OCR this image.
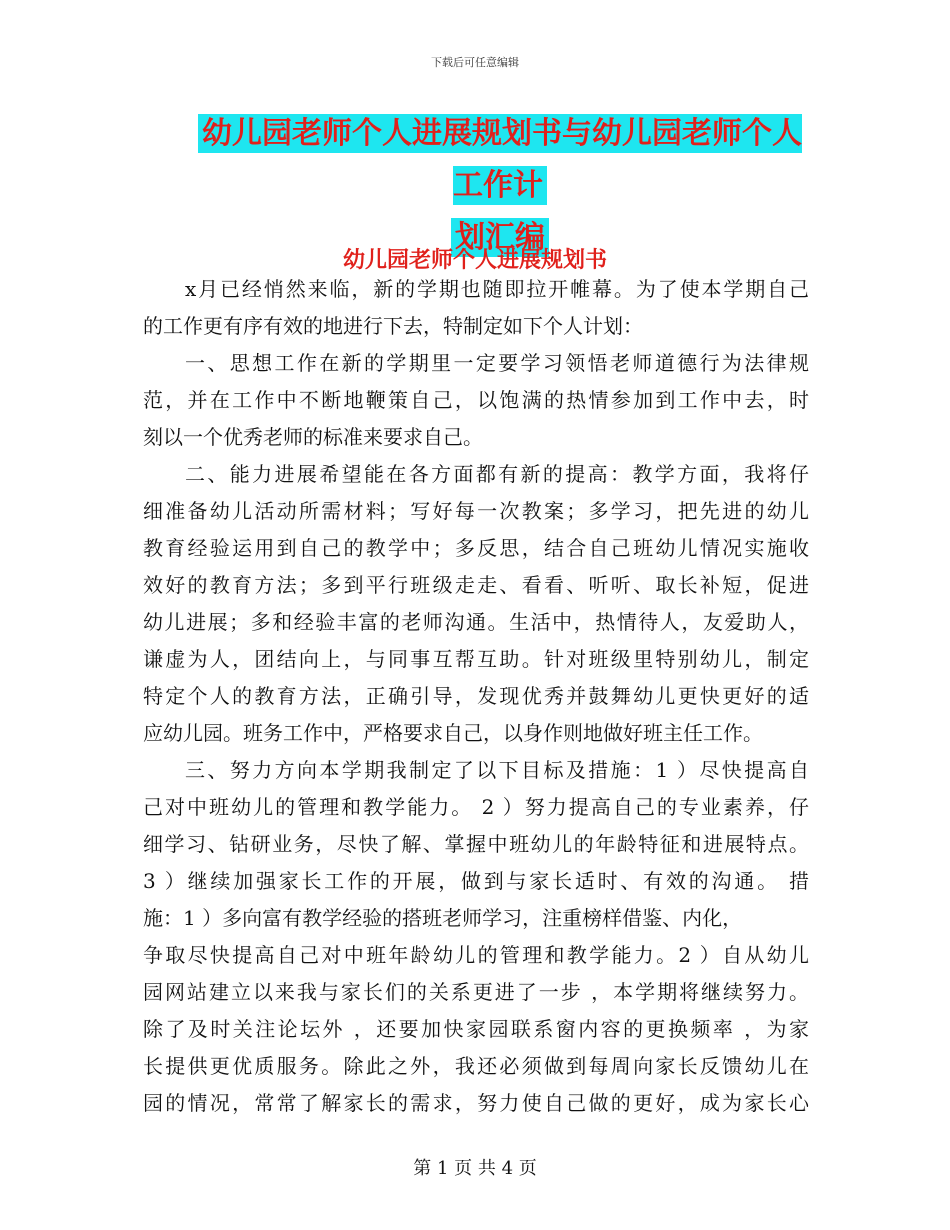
下载后可任意编辑
幼儿园老师个人进展规划书与幼儿园老师个人工作计
划汇编
幼儿园老师个人进展规划书
x月已经悄然来临，新的学期也随即拉开帷幕。为了使本学期自己
的工作更有序有效的地进行下去，特制定如下个人计划：
一、思想工作在新的学期里一定要学习领悟老师道德行为法律规
范，并在工作中不断地鞭策自己，以饱满的热情参加到工作中去，时
刻以一个优秀老师的标准来要求自己。
二、能力进展希望能在各方面都有新的提高：教学方面，我将仔
细准备幼儿活动所需材料；写好每一次教案；多学习，把先进的幼儿
教育经验运用到自己的教学中；多反思，结合自己班幼儿情况实施收
效好的教育方法；多到平行班级走走、看看、听听、取长补短，促进
幼儿进展；多和经验丰富的老师沟通。生活中，热情待人，友爱助人，
谦虚为人，团结向上，与同事互帮互助。针对班级里特别幼儿，制定
特定个人的教育方法，正确引导，发现优秀并鼓舞幼儿更快更好的适
应幼儿园。班务工作中，严格要求自己，以身作则地做好班主任工作。
三、努力方向本学期我制定了以下目标及措施：1 ）尽快提高自
己对中班幼儿的管理和教学能力。 2 ）努力提高自己的专业素养，仔
细学习、钻研业务，尽快了解、掌握中班幼儿的年龄特征和进展特点。
3 ）继续加强家长工作的开展，做到与家长适时、有效的沟通。 措
施：1 ）多向富有教学经验的搭班老师学习，注重榜样借鉴、内化，
争取尽快提高自己对中班年龄幼儿的管理和教学能力。2 ）自从幼儿
园网站建立以来我与家长们的关系更进了一步 ，本学期将继续努力。
除了及时关注论坛外 ，还要加快家园联系窗内容的更换频率 ，为家
长提供更优质服务。除此之外，我还必须做到每周向家长反馈幼儿在
园的情况，常常了解家长的需求，努力使自己做的更好，成为家长心
第 1 页 共 4 页
